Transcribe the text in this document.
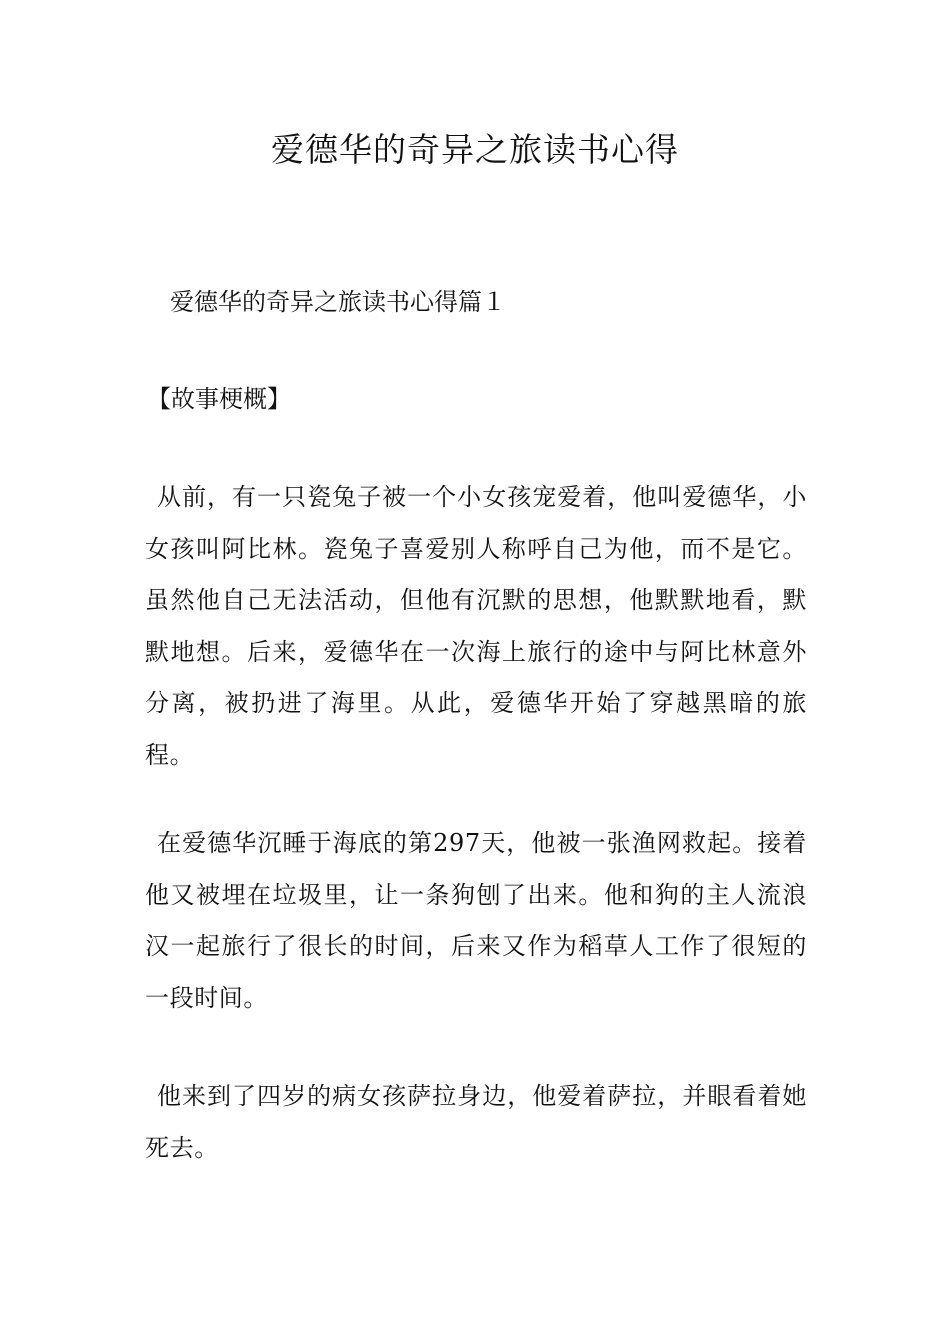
爱德华的奇异之旅读书心得

爱德华的奇异之旅读书心得篇１

【故事梗概】

从前，有一只瓷兔子被一个小女孩宠爱着，他叫爱德华，小女孩叫阿比林。瓷兔子喜爱别人称呼自己为他，而不是它。虽然他自己无法活动，但他有沉默的思想，他默默地看，默默地想。后来，爱德华在一次海上旅行的途中与阿比林意外分离，被扔进了海里。从此，爱德华开始了穿越黑暗的旅程。

在爱德华沉睡于海底的第297天，他被一张渔网救起。接着他又被埋在垃圾里，让一条狗刨了出来。他和狗的主人流浪汉一起旅行了很长的时间，后来又作为稻草人工作了很短的一段时间。

他来到了四岁的病女孩萨拉身边，他爱着萨拉，并眼看着她死去。
